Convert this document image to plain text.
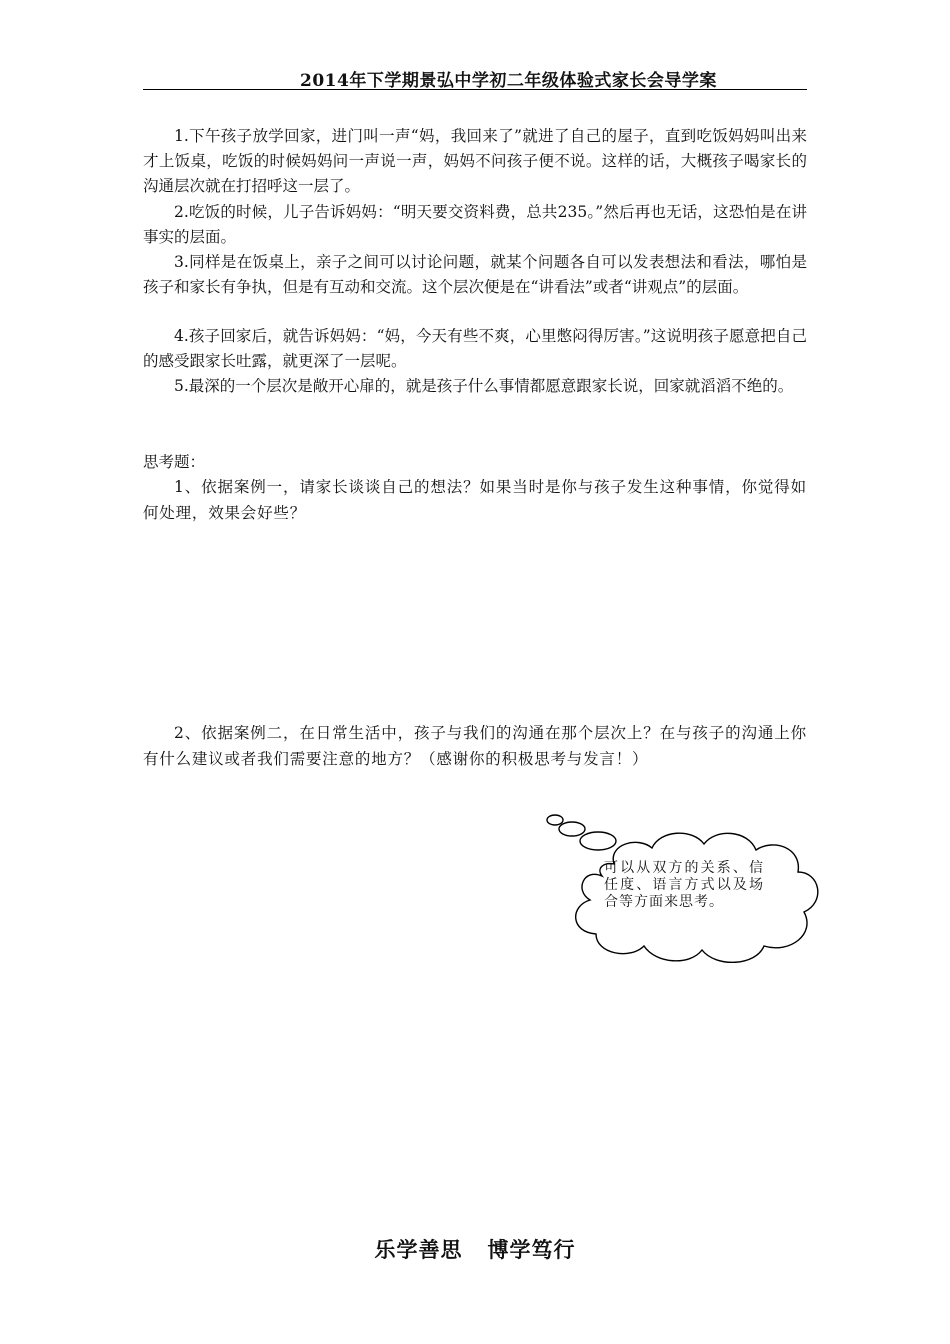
2014年下学期景弘中学初二年级体验式家长会导学案
1.下午孩子放学回家，进门叫一声“妈，我回来了”就进了自己的屋子，直到吃饭妈妈叫出来才上饭桌，吃饭的时候妈妈问一声说一声，妈妈不问孩子便不说。这样的话，大概孩子喝家长的沟通层次就在打招呼这一层了。
2.吃饭的时候，儿子告诉妈妈：“明天要交资料费，总共235。”然后再也无话，这恐怕是在讲事实的层面。
3.同样是在饭桌上，亲子之间可以讨论问题，就某个问题各自可以发表想法和看法，哪怕是孩子和家长有争执，但是有互动和交流。这个层次便是在“讲看法”或者“讲观点”的层面。
4.孩子回家后，就告诉妈妈：“妈，今天有些不爽，心里憋闷得厉害。”这说明孩子愿意把自己的感受跟家长吐露，就更深了一层呢。
5.最深的一个层次是敞开心扉的，就是孩子什么事情都愿意跟家长说，回家就滔滔不绝的。
思考题：
1、依据案例一，请家长谈谈自己的想法？如果当时是你与孩子发生这种事情，你觉得如何处理，效果会好些？
2、依据案例二，在日常生活中，孩子与我们的沟通在那个层次上？在与孩子的沟通上你有什么建议或者我们需要注意的地方？（感谢你的积极思考与发言！）
可以从双方的关系、信任度、语言方式以及场合等方面来思考。
乐学善思   博学笃行
